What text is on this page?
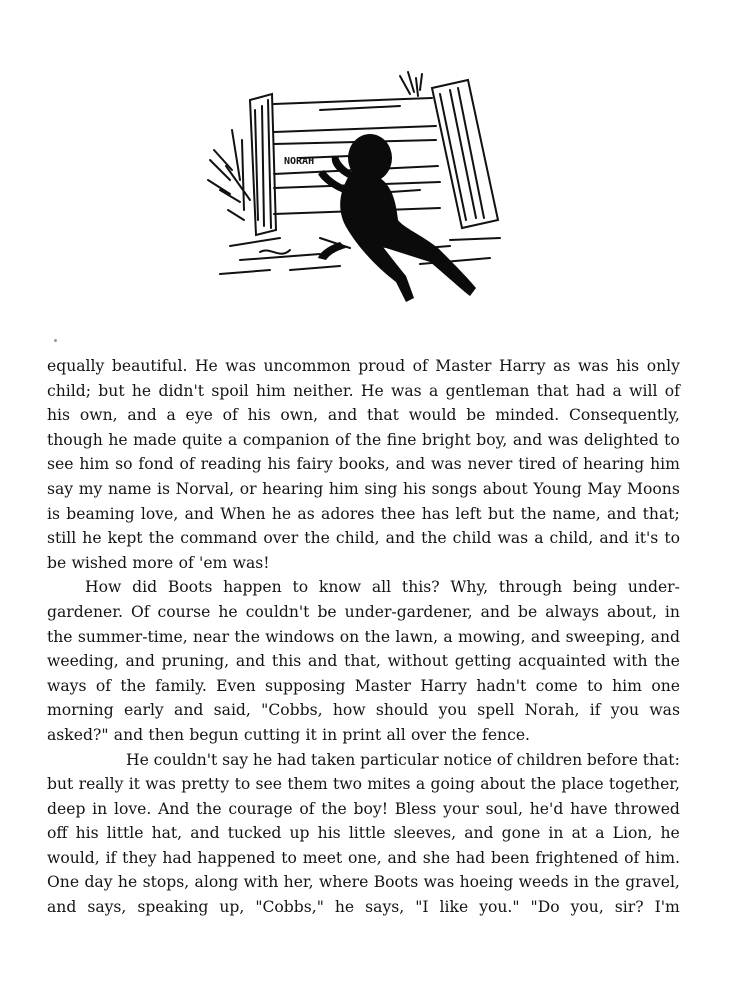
NORAH
equally beautiful. He was uncommon proud of Master Harry as was his only
child; but he didn't spoil him neither. He was a gentleman that had a will of
his own, and a eye of his own, and that would be minded. Consequently,
though he made quite a companion of the fine bright boy, and was delighted to
see him so fond of reading his fairy books, and was never tired of hearing him
say my name is Norval, or hearing him sing his songs about Young May Moons
is beaming love, and When he as adores thee has left but the name, and that;
still he kept the command over the child, and the child was a child, and it's to
be wished more of 'em was!
How did Boots happen to know all this? Why, through being under-
gardener. Of course he couldn't be under-gardener, and be always about, in
the summer-time, near the windows on the lawn, a mowing, and sweeping, and
weeding, and pruning, and this and that, without getting acquainted with the
ways of the family. Even supposing Master Harry hadn't come to him one
morning early and said, "Cobbs, how should you spell Norah, if you was
asked?" and then begun cutting it in print all over the fence.
He couldn't say he had taken particular notice of children before that:
but really it was pretty to see them two mites a going about the place together,
deep in love. And the courage of the boy! Bless your soul, he'd have throwed
off his little hat, and tucked up his little sleeves, and gone in at a Lion, he
would, if they had happened to meet one, and she had been frightened of him.
One day he stops, along with her, where Boots was hoeing weeds in the gravel,
and says, speaking up, "Cobbs," he says, "I like you." "Do you, sir? I'm
